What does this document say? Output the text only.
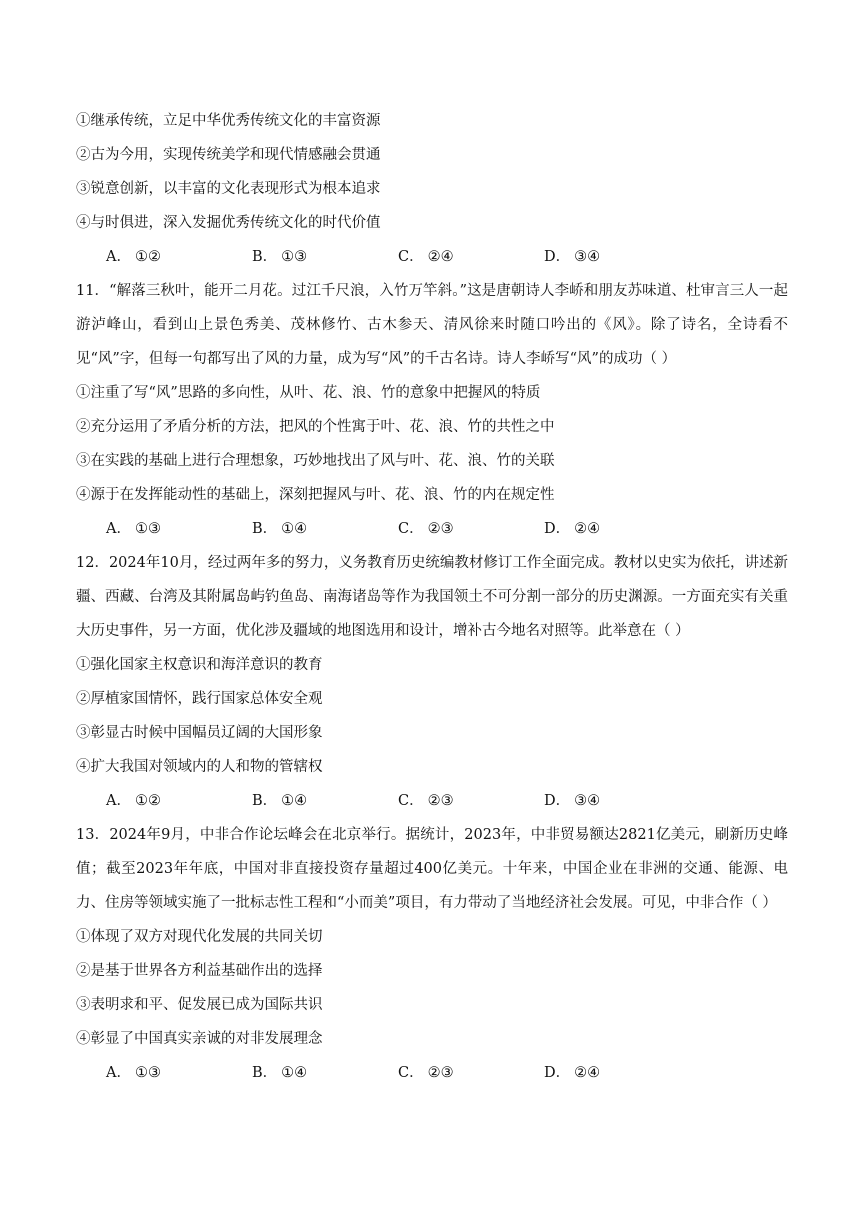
①继承传统，立足中华优秀传统文化的丰富资源
②古为今用，实现传统美学和现代情感融会贯通
③锐意创新，以丰富的文化表现形式为根本追求
④与时俱进，深入发掘优秀传统文化的时代价值
A． ①②	B． ①③	C． ②④	D． ③④
11．“解落三秋叶，能开二月花。过江千尺浪，入竹万竿斜。”这是唐朝诗人李峤和朋友苏味道、杜审言三人一起游泸峰山，看到山上景色秀美、茂林修竹、古木参天、清风徐来时随口吟出的《风》。除了诗名，全诗看不见“风”字，但每一句都写出了风的力量，成为写“风”的千古名诗。诗人李峤写“风”的成功（ ）
①注重了写“风”思路的多向性，从叶、花、浪、竹的意象中把握风的特质
②充分运用了矛盾分析的方法，把风的个性寓于叶、花、浪、竹的共性之中
③在实践的基础上进行合理想象，巧妙地找出了风与叶、花、浪、竹的关联
④源于在发挥能动性的基础上，深刻把握风与叶、花、浪、竹的内在规定性
A． ①③	B． ①④	C． ②③	D． ②④
12．2024年10月，经过两年多的努力，义务教育历史统编教材修订工作全面完成。教材以史实为依托，讲述新疆、西藏、台湾及其附属岛屿钓鱼岛、南海诸岛等作为我国领土不可分割一部分的历史渊源。一方面充实有关重大历史事件，另一方面，优化涉及疆域的地图选用和设计，增补古今地名对照等。此举意在（ ）
①强化国家主权意识和海洋意识的教育
②厚植家国情怀，践行国家总体安全观
③彰显古时候中国幅员辽阔的大国形象
④扩大我国对领域内的人和物的管辖权
A． ①②	B． ①④	C． ②③	D． ③④
13．2024年9月，中非合作论坛峰会在北京举行。据统计，2023年，中非贸易额达2821亿美元，刷新历史峰值；截至2023年年底，中国对非直接投资存量超过400亿美元。十年来，中国企业在非洲的交通、能源、电力、住房等领域实施了一批标志性工程和“小而美”项目，有力带动了当地经济社会发展。可见，中非合作（ ）
①体现了双方对现代化发展的共同关切
②是基于世界各方利益基础作出的选择
③表明求和平、促发展已成为国际共识
④彰显了中国真实亲诚的对非发展理念
A． ①③	B． ①④	C． ②③	D． ②④
